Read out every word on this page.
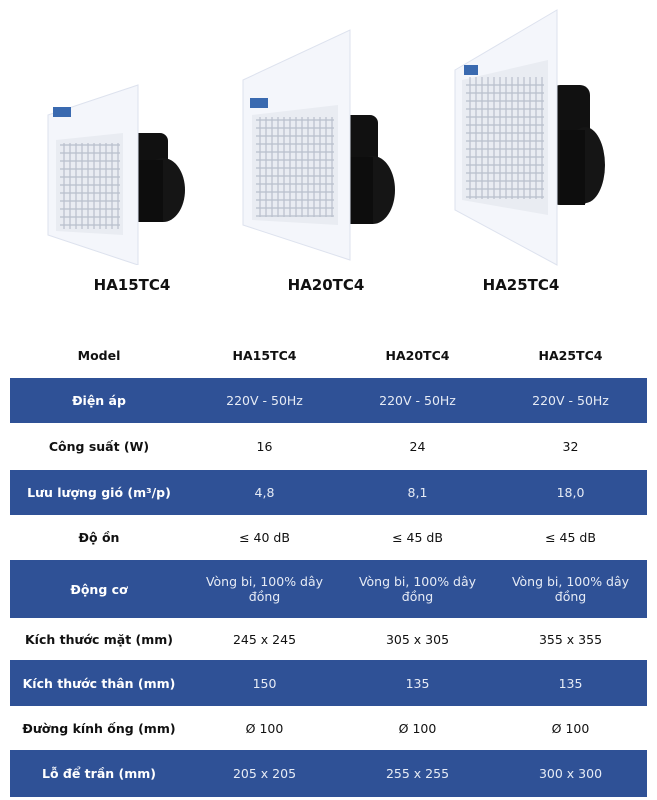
HA15TC4	HA20TC4	HA25TC4
Model	HA15TC4	HA20TC4	HA25TC4
Điện áp	220V - 50Hz	220V - 50Hz	220V - 50Hz
Công suất (W)	16	24	32
Lưu lượng gió (m³/p)	4,8	8,1	18,0
Độ ồn	≤ 40 dB	≤ 45 dB	≤ 45 dB
Động cơ	Vòng bi, 100% dây đồng	Vòng bi, 100% dây đồng	Vòng bi, 100% dây đồng
Kích thước mặt (mm)	245 x 245	305 x 305	355 x 355
Kích thước thân (mm)	150	135	135
Đường kính ống (mm)	Ø 100	Ø 100	Ø 100
Lỗ để trần (mm)	205 x 205	255 x 255	300 x 300
